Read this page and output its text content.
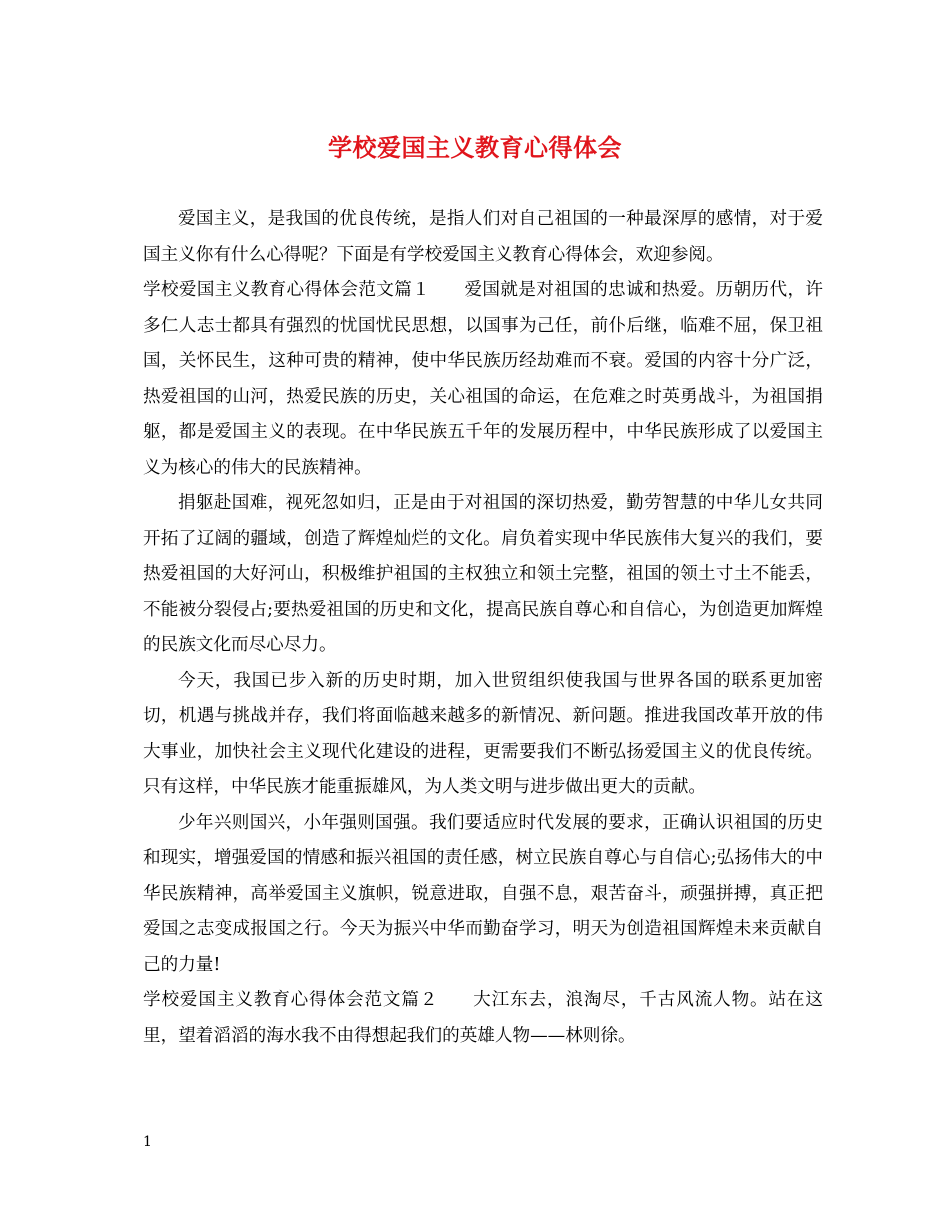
学校爱国主义教育心得体会

爱国主义，是我国的优良传统，是指人们对自己祖国的一种最深厚的感情，对于爱国主义你有什么心得呢？下面是有学校爱国主义教育心得体会，欢迎参阅。

学校爱国主义教育心得体会范文篇１ 爱国就是对祖国的忠诚和热爱。历朝历代，许多仁人志士都具有强烈的忧国忧民思想，以国事为己任，前仆后继，临难不屈，保卫祖国，关怀民生，这种可贵的精神，使中华民族历经劫难而不衰。爱国的内容十分广泛，热爱祖国的山河，热爱民族的历史，关心祖国的命运，在危难之时英勇战斗，为祖国捐躯，都是爱国主义的表现。在中华民族五千年的发展历程中，中华民族形成了以爱国主义为核心的伟大的民族精神。

捐躯赴国难，视死忽如归，正是由于对祖国的深切热爱，勤劳智慧的中华儿女共同开拓了辽阔的疆域，创造了辉煌灿烂的文化。肩负着实现中华民族伟大复兴的我们，要热爱祖国的大好河山，积极维护祖国的主权独立和领土完整，祖国的领土寸土不能丢，不能被分裂侵占;要热爱祖国的历史和文化，提高民族自尊心和自信心，为创造更加辉煌的民族文化而尽心尽力。

今天，我国已步入新的历史时期，加入世贸组织使我国与世界各国的联系更加密切，机遇与挑战并存，我们将面临越来越多的新情况、新问题。推进我国改革开放的伟大事业，加快社会主义现代化建设的进程，更需要我们不断弘扬爱国主义的优良传统。只有这样，中华民族才能重振雄风，为人类文明与进步做出更大的贡献。

少年兴则国兴，小年强则国强。我们要适应时代发展的要求，正确认识祖国的历史和现实，增强爱国的情感和振兴祖国的责任感，树立民族自尊心与自信心;弘扬伟大的中华民族精神，高举爱国主义旗帜，锐意进取，自强不息，艰苦奋斗，顽强拼搏，真正把爱国之志变成报国之行。今天为振兴中华而勤奋学习，明天为创造祖国辉煌未来贡献自己的力量!

学校爱国主义教育心得体会范文篇２ 大江东去，浪淘尽，千古风流人物。站在这里，望着滔滔的海水我不由得想起我们的英雄人物——林则徐。

1
